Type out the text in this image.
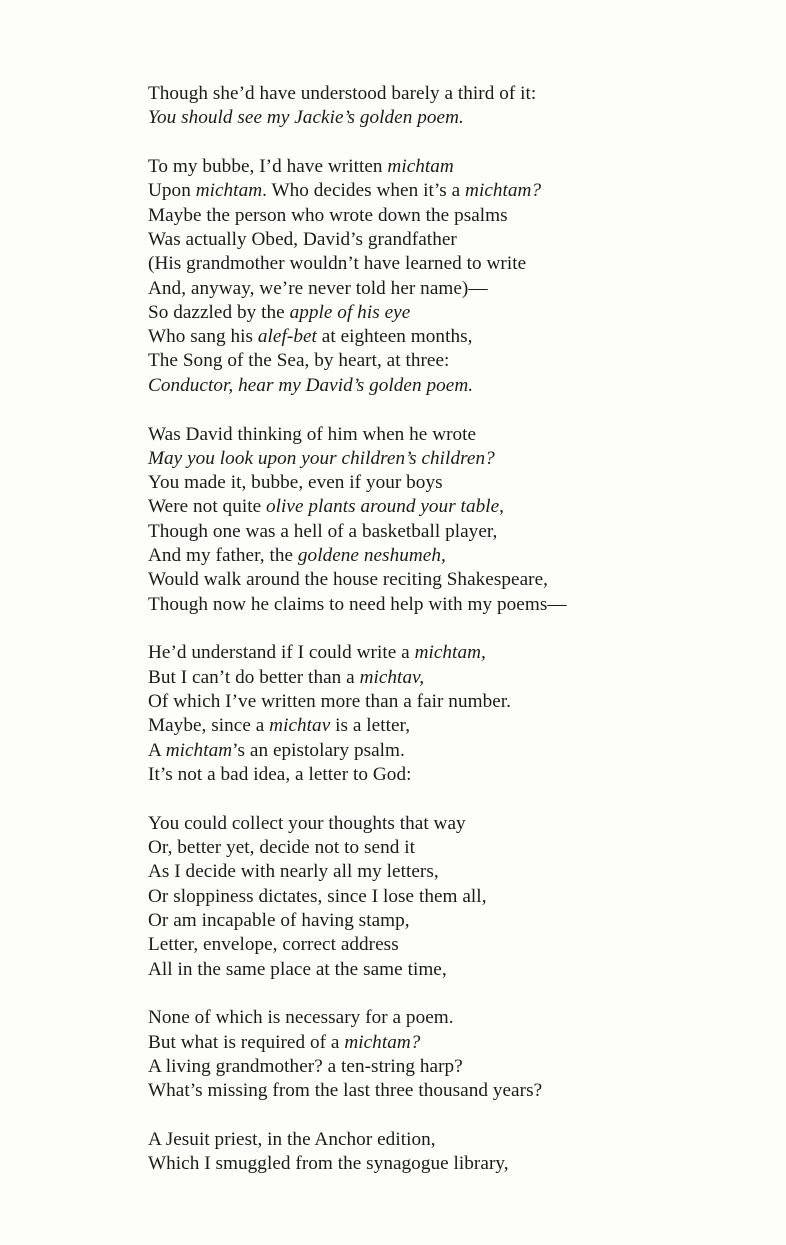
Though she’d have understood barely a third of it:
You should see my Jackie’s golden poem.
To my bubbe, I’d have written michtam
Upon michtam. Who decides when it’s a michtam?
Maybe the person who wrote down the psalms
Was actually Obed, David’s grandfather
(His grandmother wouldn’t have learned to write
And, anyway, we’re never told her name)—
So dazzled by the apple of his eye
Who sang his alef-bet at eighteen months,
The Song of the Sea, by heart, at three:
Conductor, hear my David’s golden poem.
Was David thinking of him when he wrote
May you look upon your children’s children?
You made it, bubbe, even if your boys
Were not quite olive plants around your table,
Though one was a hell of a basketball player,
And my father, the goldene neshumeh,
Would walk around the house reciting Shakespeare,
Though now he claims to need help with my poems—
He’d understand if I could write a michtam,
But I can’t do better than a michtav,
Of which I’ve written more than a fair number.
Maybe, since a michtav is a letter,
A michtam’s an epistolary psalm.
It’s not a bad idea, a letter to God:
You could collect your thoughts that way
Or, better yet, decide not to send it
As I decide with nearly all my letters,
Or sloppiness dictates, since I lose them all,
Or am incapable of having stamp,
Letter, envelope, correct address
All in the same place at the same time,
None of which is necessary for a poem.
But what is required of a michtam?
A living grandmother? a ten-string harp?
What’s missing from the last three thousand years?
A Jesuit priest, in the Anchor edition,
Which I smuggled from the synagogue library,
